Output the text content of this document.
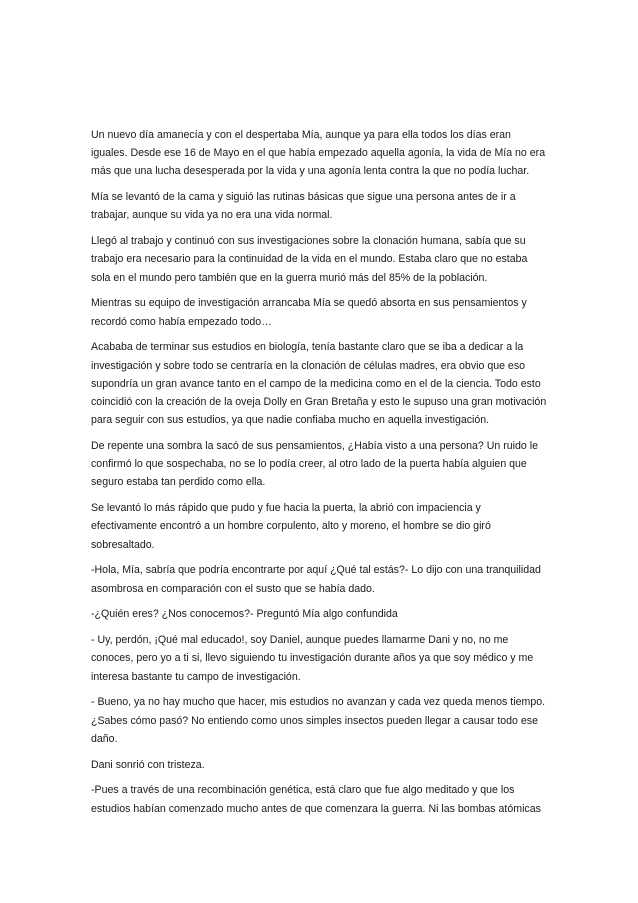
Un nuevo día amanecía y con el despertaba Mía, aunque ya para ella todos los días eran iguales. Desde ese 16 de Mayo en el que había empezado aquella agonía, la vida de Mía no era más que una lucha desesperada por la vida y una agonía lenta contra la que no podía luchar.

Mía se levantó de la cama y siguió las rutinas básicas que sigue una persona antes de ir a trabajar, aunque su vida ya no era una vida normal.

Llegó al trabajo y continuó con sus investigaciones sobre la clonación humana, sabía que su trabajo era necesario para la continuidad de la vida en el mundo. Estaba claro que no estaba sola en el mundo pero también que en la guerra murió más del 85% de la población.

Mientras su equipo de investigación arrancaba Mía se quedó absorta en sus pensamientos y recordó como había empezado todo…

Acababa de terminar sus estudios en biología, tenía bastante claro que se iba a dedicar a la investigación y sobre todo se centraría en la clonación de células madres, era obvio que eso supondría un gran avance tanto en el campo de la medicina como en el de la ciencia. Todo esto coincidió con la creación de la oveja Dolly en Gran Bretaña y esto le supuso una gran motivación para seguir con sus estudios, ya que nadie confiaba mucho en aquella investigación.

De repente una sombra la sacó de sus pensamientos, ¿Había visto a una persona? Un ruido le confirmó lo que sospechaba, no se lo podía creer, al otro lado de la puerta había alguien que seguro estaba tan perdido como ella.

Se levantó lo más rápido que pudo y fue hacia la puerta, la abrió con impaciencia y efectivamente encontró a un hombre corpulento, alto y moreno, el hombre se dio giró sobresaltado.

-Hola, Mía, sabría que podría encontrarte por aquí ¿Qué tal estás?- Lo dijo con una tranquilidad asombrosa en comparación con el susto que se había dado.

-¿Quién eres? ¿Nos conocemos?- Preguntó Mía algo confundida

- Uy, perdón, ¡Qué mal educado!, soy Daniel, aunque puedes llamarme Dani y no, no me conoces, pero yo a ti si, llevo siguiendo tu investigación durante años ya que soy médico y me interesa bastante tu campo de investigación.

- Bueno, ya no hay mucho que hacer, mis estudios no avanzan y cada vez queda menos tiempo. ¿Sabes cómo pasó? No entiendo como unos simples insectos pueden llegar a causar todo ese daño.

Dani sonrió con tristeza.

-Pues a través de una recombinación genética, está claro que fue algo meditado y que los estudios habían comenzado mucho antes de que comenzara la guerra. Ni las bombas atómicas
